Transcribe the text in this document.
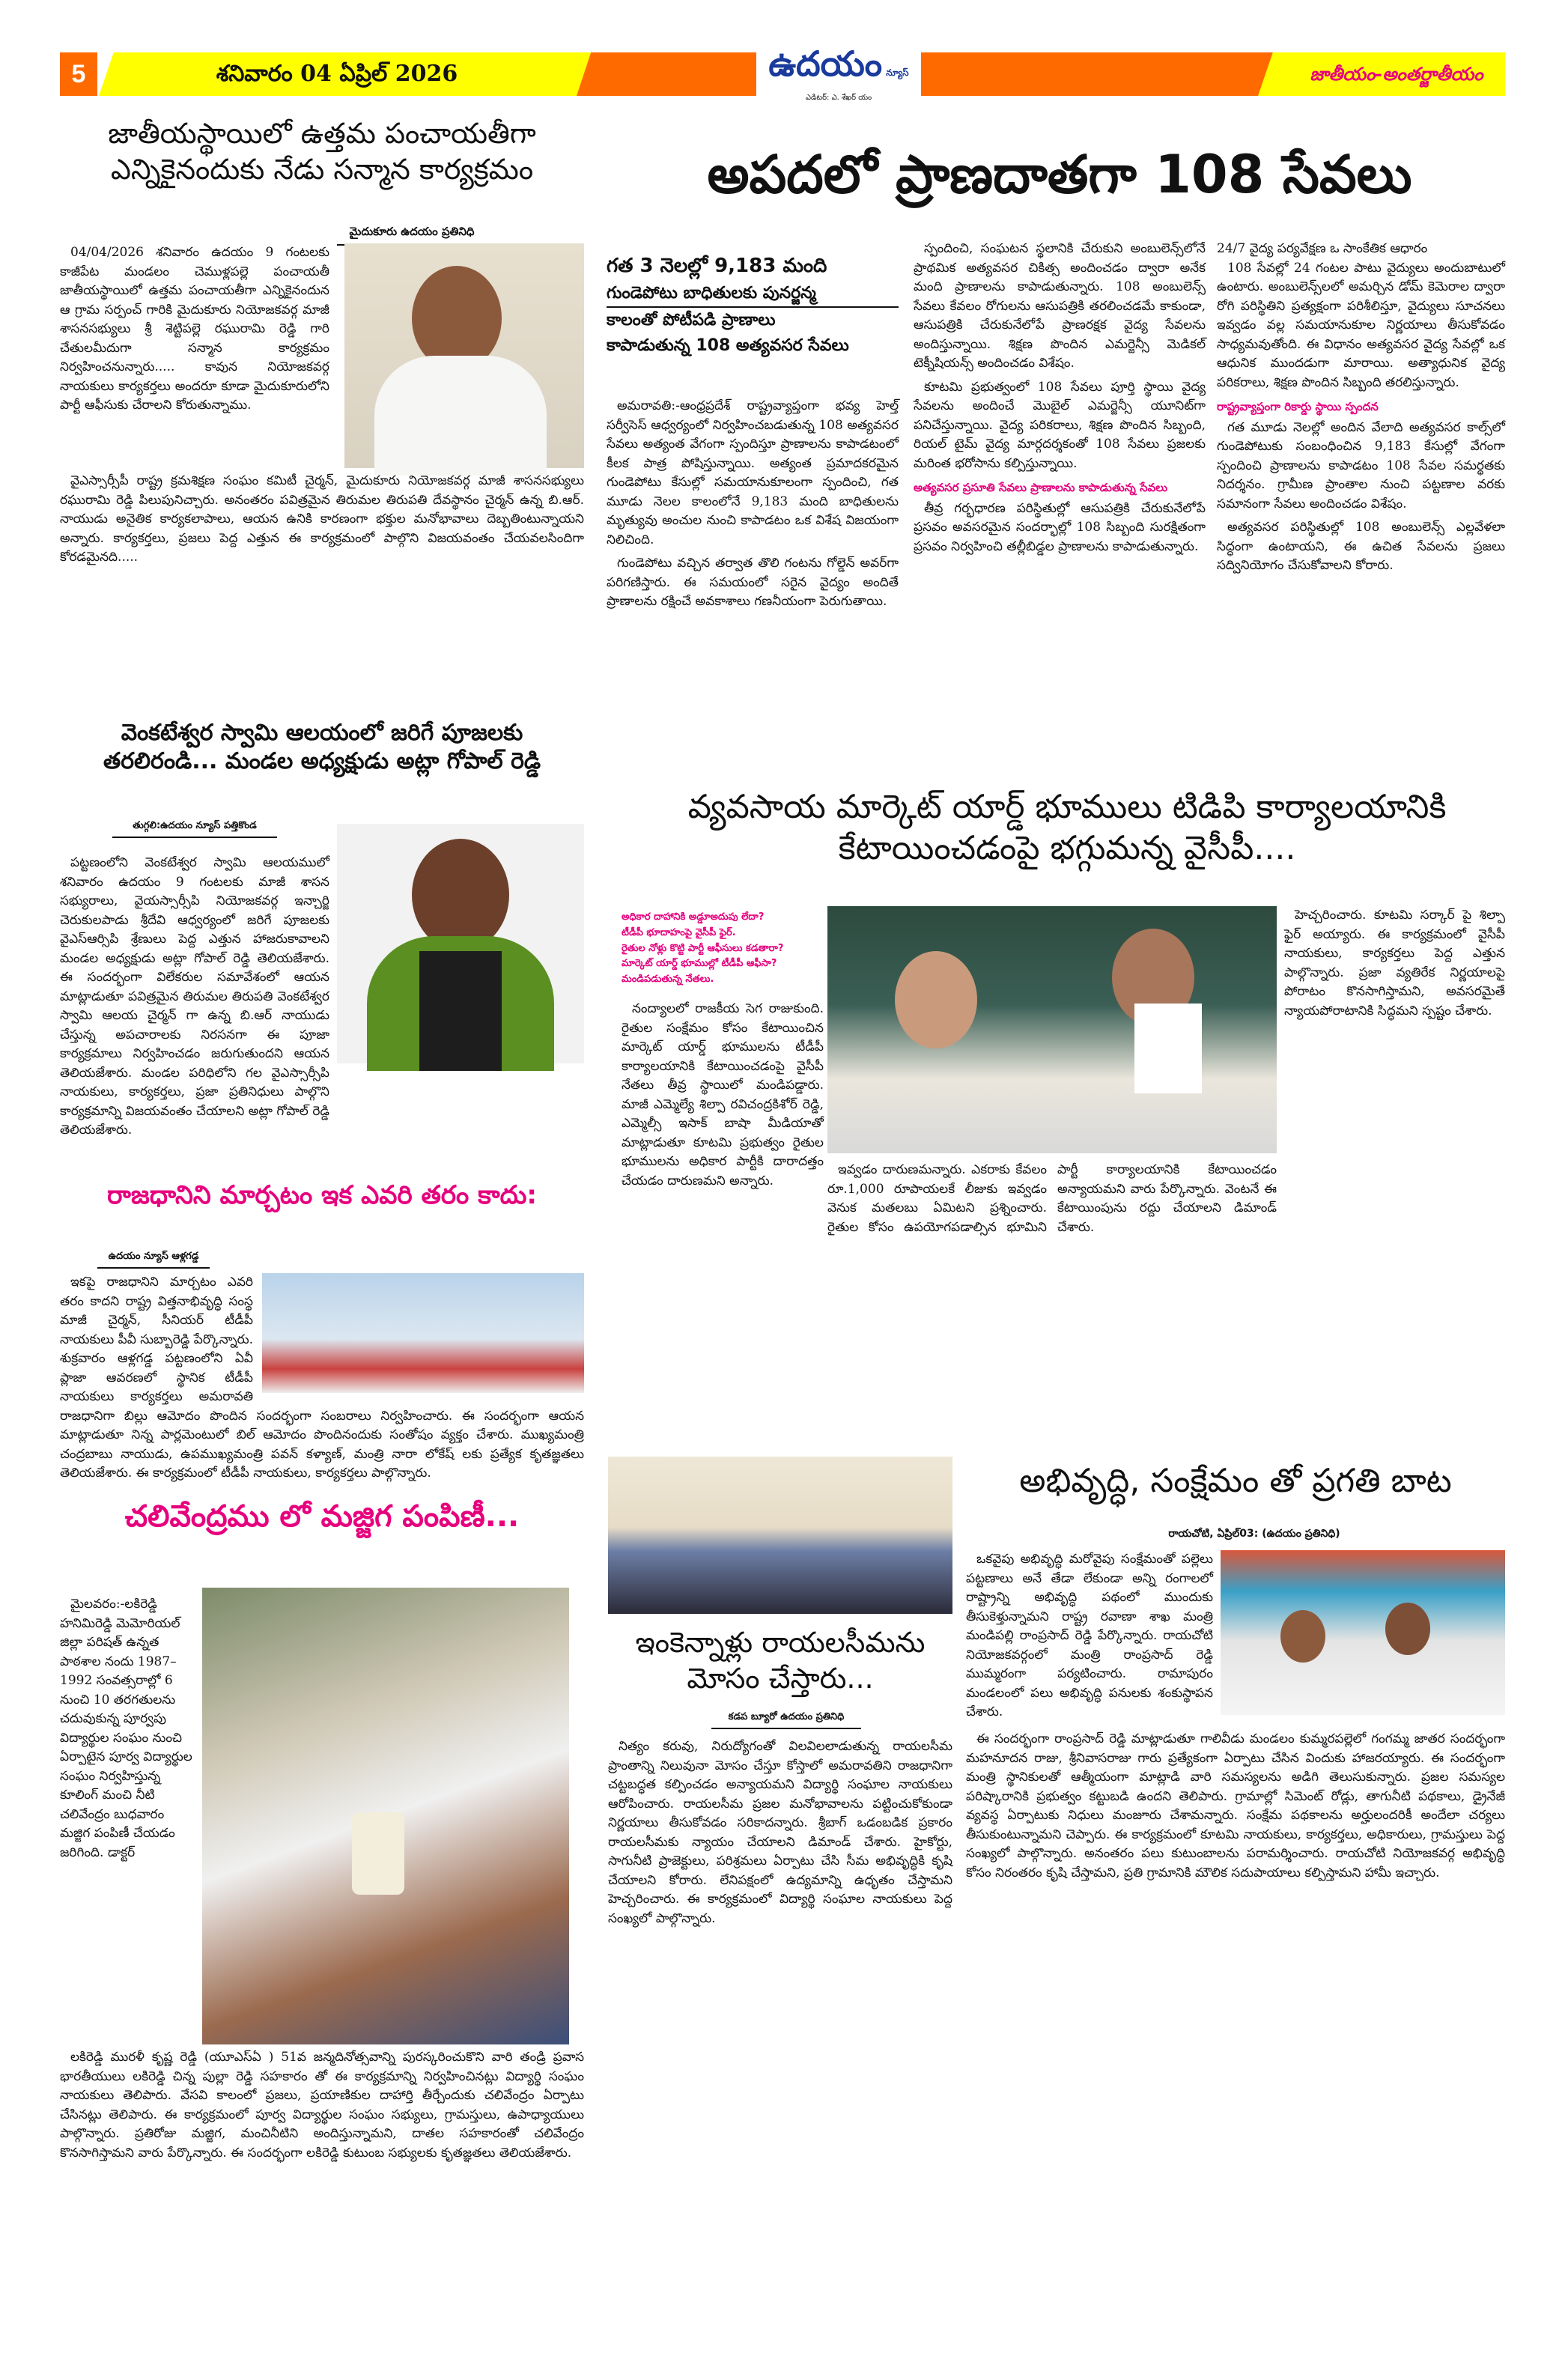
5	శనివారం 04 ఏప్రిల్ 2026	జాతీయం-అంతర్జాతీయం
ఉదయం న్యూస్
ఎడిటర్: ఎ. శేఖర్ యం
జాతీయస్థాయిలో ఉత్తమ పంచాయతీగా ఎన్నికైనందుకు నేడు సన్మాన కార్యక్రమం
మైదుకూరు ఉదయం ప్రతినిధి

04/04/2026 శనివారం ఉదయం 9 గంటలకు కాజీపేట మండలం చెముళ్లపల్లె పంచాయతీ జాతీయస్థాయిలో ఉత్తమ పంచాయతీగా ఎన్నికైనందున ఆ గ్రామ సర్పంచ్ గారికి మైదుకూరు నియోజకవర్గ మాజీ శాసనసభ్యులు శ్రీ శెట్టిపల్లె రఘురామి రెడ్డి గారి చేతులమీదుగా సన్మాన కార్యక్రమం నిర్వహించనున్నారు..... కావున నియోజకవర్గ నాయకులు కార్యకర్తలు అందరూ కూడా మైదుకూరులోని పార్టీ ఆఫీసుకు చేరాలని కోరుతున్నాము.

వైఎస్సార్సీపీ రాష్ట్ర క్రమశిక్షణ సంఘం కమిటీ చైర్మన్, మైదుకూరు నియోజకవర్గ మాజీ శాసనసభ్యులు రఘురామి రెడ్డి పిలుపునిచ్చారు. అనంతరం పవిత్రమైన తిరుమల తిరుపతి దేవస్థానం చైర్మన్ ఉన్న బి.ఆర్. నాయుడు అనైతిక కార్యకలాపాలు, ఆయన ఉనికి కారణంగా భక్తుల మనోభావాలు దెబ్బతింటున్నాయని అన్నారు. కార్యకర్తలు, ప్రజలు పెద్ద ఎత్తున ఈ కార్యక్రమంలో పాల్గొని విజయవంతం చేయవలసిందిగా కోరడమైనది.....

అపదలో ప్రాణదాతగా 108 సేవలు
గత 3 నెలల్లో 9,183 మంది
గుండెపోటు బాధితులకు పునర్జన్మ
కాలంతో పోటీపడి ప్రాణాలు
కాపాడుతున్న 108 అత్యవసర సేవలు

అమరావతి:-ఆంధ్రప్రదేశ్ రాష్ట్రవ్యాప్తంగా భవ్య హెల్త్ సర్వీసెస్ ఆధ్వర్యంలో నిర్వహించబడుతున్న 108 అత్యవసర సేవలు అత్యంత వేగంగా స్పందిస్తూ ప్రాణాలను కాపాడటంలో కీలక పాత్ర పోషిస్తున్నాయి. అత్యంత ప్రమాదకరమైన గుండెపోటు కేసుల్లో సమయానుకూలంగా స్పందించి, గత మూడు నెలల కాలంలోనే 9,183 మంది బాధితులను మృత్యువు అంచుల నుంచి కాపాడటం ఒక విశేష విజయంగా నిలిచింది.

గుండెపోటు వచ్చిన తర్వాత తొలి గంటను గోల్డెన్ అవర్‌గా పరిగణిస్తారు. ఈ సమయంలో సరైన వైద్యం అందితే ప్రాణాలను రక్షించే అవకాశాలు గణనీయంగా పెరుగుతాయి.

స్పందించి, సంఘటన స్థలానికి చేరుకుని అంబులెన్స్‌లోనే ప్రాథమిక అత్యవసర చికిత్స అందించడం ద్వారా అనేక మంది ప్రాణాలను కాపాడుతున్నారు. 108 అంబులెన్స్ సేవలు కేవలం రోగులను ఆసుపత్రికి తరలించడమే కాకుండా, ఆసుపత్రికి చేరుకునేలోపే ప్రాణరక్షక వైద్య సేవలను అందిస్తున్నాయి. శిక్షణ పొందిన ఎమర్జెన్సీ మెడికల్ టెక్నీషియన్స్ అందించడం విశేషం.

కూటమి ప్రభుత్వంలో 108 సేవలు పూర్తి స్థాయి వైద్య సేవలను అందించే మొబైల్ ఎమర్జెన్సీ యూనిట్‌గా పనిచేస్తున్నాయి. వైద్య పరికరాలు, శిక్షణ పొందిన సిబ్బంది, రియల్ టైమ్ వైద్య మార్గదర్శకంతో 108 సేవలు ప్రజలకు మరింత భరోసాను కల్పిస్తున్నాయి.

అత్యవసర ప్రసూతి సేవలు ప్రాణాలను కాపాడుతున్న సేవలు

తీవ్ర గర్భధారణ పరిస్థితుల్లో ఆసుపత్రికి చేరుకునేలోపే ప్రసవం అవసరమైన సందర్భాల్లో 108 సిబ్బంది సురక్షితంగా ప్రసవం నిర్వహించి తల్లీబిడ్డల ప్రాణాలను కాపాడుతున్నారు.

24/7 వైద్య పర్యవేక్షణ ఒ సాంకేతిక ఆధారం

108 సేవల్లో 24 గంటల పాటు వైద్యులు అందుబాటులో ఉంటారు. అంబులెన్స్‌లలో అమర్చిన డోమ్ కెమెరాల ద్వారా రోగి పరిస్థితిని ప్రత్యక్షంగా పరిశీలిస్తూ, వైద్యులు సూచనలు ఇవ్వడం వల్ల సమయానుకూల నిర్ణయాలు తీసుకోవడం సాధ్యమవుతోంది. ఈ విధానం అత్యవసర వైద్య సేవల్లో ఒక ఆధునిక ముందడుగా మారాయి. అత్యాధునిక వైద్య పరికరాలు, శిక్షణ పొందిన సిబ్బంది తరలిస్తున్నారు.

రాష్ట్రవ్యాప్తంగా రికార్డు స్థాయి స్పందన

గత మూడు నెలల్లో అందిన వేలాది అత్యవసర కాల్స్‌లో గుండెపోటుకు సంబంధించిన 9,183 కేసుల్లో వేగంగా స్పందించి ప్రాణాలను కాపాడటం 108 సేవల సమర్థతకు నిదర్శనం. గ్రామీణ ప్రాంతాల నుంచి పట్టణాల వరకు సమానంగా సేవలు అందించడం విశేషం.

అత్యవసర పరిస్థితుల్లో 108 అంబులెన్స్ ఎల్లవేళలా సిద్ధంగా ఉంటాయని, ఈ ఉచిత సేవలను ప్రజలు సద్వినియోగం చేసుకోవాలని కోరారు.

వెంకటేశ్వర స్వామి ఆలయంలో జరిగే పూజలకు తరలిరండి... మండల అధ్యక్షుడు అట్లా గోపాల్ రెడ్డి
తుగ్గలి:ఉదయం న్యూస్ పత్తికొండ

పట్టణంలోని వెంకటేశ్వర స్వామి ఆలయములో శనివారం ఉదయం 9 గంటలకు మాజీ శాసన సభ్యురాలు, వైయస్సార్సీపి నియోజకవర్గ ఇన్చార్జి చెరుకులపాడు శ్రీదేవి ఆధ్వర్యంలో జరిగే పూజలకు వైఎస్ఆర్సిపి శ్రేణులు పెద్ద ఎత్తున హాజరుకావాలని మండల అధ్యక్షుడు అట్లా గోపాల్ రెడ్డి తెలియజేశారు. ఈ సందర్భంగా విలేకరుల సమావేశంలో ఆయన మాట్లాడుతూ పవిత్రమైన తిరుమల తిరుపతి వెంకటేశ్వర స్వామి ఆలయ చైర్మన్ గా ఉన్న బి.ఆర్ నాయుడు చేస్తున్న అపచారాలకు నిరసనగా ఈ పూజా కార్యక్రమాలు నిర్వహించడం జరుగుతుందని ఆయన తెలియజేశారు. మండల పరిధిలోని గల వైఎస్సార్సీపి నాయకులు, కార్యకర్తలు, ప్రజా ప్రతినిధులు పాల్గొని కార్యక్రమాన్ని విజయవంతం చేయాలని అట్లా గోపాల్ రెడ్డి తెలియజేశారు.

రాజధానిని మార్చటం ఇక ఎవరి తరం కాదు:
ఉదయం న్యూస్ ఆళ్లగడ్డ

ఇకపై రాజధానిని మార్చటం ఎవరి తరం కాదని రాష్ట్ర విత్తనాభివృద్ధి సంస్థ మాజీ చైర్మన్, సీనియర్ టీడీపీ నాయకులు పీవీ సుబ్బారెడ్డి పేర్కొన్నారు. శుక్రవారం ఆళ్లగడ్డ పట్టణంలోని ఏవీ ప్లాజా ఆవరణలో స్థానిక టీడీపీ నాయకులు కార్యకర్తలు అమరావతి రాజధానిగా బిల్లు ఆమోదం పొందిన సందర్భంగా సంబరాలు నిర్వహించారు. ఈ సందర్భంగా ఆయన మాట్లాడుతూ నిన్న పార్లమెంటులో బిల్ ఆమోదం పొందినందుకు సంతోషం వ్యక్తం చేశారు. ముఖ్యమంత్రి చంద్రబాబు నాయుడు, ఉపముఖ్యమంత్రి పవన్ కళ్యాణ్, మంత్రి నారా లోకేష్ లకు ప్రత్యేక కృతజ్ఞతలు తెలియజేశారు. ఈ కార్యక్రమంలో టీడీపీ నాయకులు, కార్యకర్తలు పాల్గొన్నారు.

చలివేంద్రము లో మజ్జిగ పంపిణీ...

మైలవరం:-లకిరెడ్డి హనిమిరెడ్డి మెమోరియల్ జిల్లా పరిషత్ ఉన్నత పాఠశాల నందు 1987–1992 సంవత్సరాల్లో 6 నుంచి 10 తరగతులను చదువుకున్న పూర్వపు విద్యార్థుల సంఘం నుంచి ఏర్పాటైన పూర్వ విద్యార్థుల సంఘం నిర్వహిస్తున్న కూలింగ్ మంచి నీటి చలివేంద్రం బుధవారం మజ్జిగ పంపిణీ చేయడం జరిగింది. డాక్టర్

లకిరెడ్డి మురళీ కృష్ణ రెడ్డి (యూఎస్ఏ ) 51వ జన్మదినోత్సవాన్ని పురస్కరించుకొని వారి తండ్రి ప్రవాస భారతీయులు లకిరెడ్డి చిన్న పుల్లా రెడ్డి సహకారం తో ఈ కార్యక్రమాన్ని నిర్వహించినట్లు విద్యార్థి సంఘం నాయకులు తెలిపారు. వేసవి కాలంలో ప్రజలు, ప్రయాణికుల దాహార్తి తీర్చేందుకు చలివేంద్రం ఏర్పాటు చేసినట్లు తెలిపారు. ఈ కార్యక్రమంలో పూర్వ విద్యార్థుల సంఘం సభ్యులు, గ్రామస్తులు, ఉపాధ్యాయులు పాల్గొన్నారు. ప్రతిరోజు మజ్జిగ, మంచినీటిని అందిస్తున్నామని, దాతల సహకారంతో చలివేంద్రం కొనసాగిస్తామని వారు పేర్కొన్నారు. ఈ సందర్భంగా లకిరెడ్డి కుటుంబ సభ్యులకు కృతజ్ఞతలు తెలియజేశారు.

వ్యవసాయ మార్కెట్ యార్డ్ భూములు టిడిపి కార్యాలయానికి కేటాయించడంపై భగ్గుమన్న వైసీపీ....
అధికార దాహానికి అడ్డూఅదుపు లేదా?
టీడీపీ భూదాహంపై వైసీపీ ఫైర్.
రైతుల నోళ్లు కొట్టి పార్టీ ఆఫీసులు కడతారా?
మార్కెట్ యార్డ్ భూముల్లో టీడీపీ ఆఫీసా?
మండిపడుతున్న నేతలు.

నంద్యాలలో రాజకీయ సెగ రాజుకుంది. రైతుల సంక్షేమం కోసం కేటాయించిన మార్కెట్ యార్డ్ భూములను టీడీపీ కార్యాలయానికి కేటాయించడంపై వైసీపీ నేతలు తీవ్ర స్థాయిలో మండిపడ్డారు. మాజీ ఎమ్మెల్యే శిల్పా రవిచంద్రకిశోర్ రెడ్డి, ఎమ్మెల్సీ ఇసాక్ బాషా మీడియాతో మాట్లాడుతూ కూటమి ప్రభుత్వం రైతుల భూములను అధికార పార్టీకి దారాదత్తం చేయడం దారుణమని అన్నారు.

ఇవ్వడం దారుణమన్నారు. ఎకరాకు కేవలం రూ.1,000 రూపాయలకే లీజుకు ఇవ్వడం వెనుక మతలబు ఏమిటని ప్రశ్నించారు. రైతుల కోసం ఉపయోగపడాల్సిన భూమిని పార్టీ కార్యాలయానికి కేటాయించడం అన్యాయమని వారు పేర్కొన్నారు. వెంటనే ఈ కేటాయింపును రద్దు చేయాలని డిమాండ్ చేశారు.

హెచ్చరించారు. కూటమి సర్కార్ పై శిల్పా ఫైర్ అయ్యారు. ఈ కార్యక్రమంలో వైసీపీ నాయకులు, కార్యకర్తలు పెద్ద ఎత్తున పాల్గొన్నారు. ప్రజా వ్యతిరేక నిర్ణయాలపై పోరాటం కొనసాగిస్తామని, అవసరమైతే న్యాయపోరాటానికి సిద్ధమని స్పష్టం చేశారు.

ఇంకెన్నాళ్లు రాయలసీమను
మోసం చేస్తారు...
కడప బ్యూరో ఉదయం ప్రతినిధి

నిత్యం కరువు, నిరుద్యోగంతో విలవిలలాడుతున్న రాయలసీమ ప్రాంతాన్ని నిలువునా మోసం చేస్తూ కోస్తాలో అమరావతిని రాజధానిగా చట్టబద్ధత కల్పించడం అన్యాయమని విద్యార్థి సంఘాల నాయకులు ఆరోపించారు. రాయలసీమ ప్రజల మనోభావాలను పట్టించుకోకుండా నిర్ణయాలు తీసుకోవడం సరికాదన్నారు. శ్రీబాగ్ ఒడంబడిక ప్రకారం రాయలసీమకు న్యాయం చేయాలని డిమాండ్ చేశారు. హైకోర్టు, సాగునీటి ప్రాజెక్టులు, పరిశ్రమలు ఏర్పాటు చేసి సీమ అభివృద్ధికి కృషి చేయాలని కోరారు. లేనిపక్షంలో ఉద్యమాన్ని ఉధృతం చేస్తామని హెచ్చరించారు. ఈ కార్యక్రమంలో విద్యార్థి సంఘాల నాయకులు పెద్ద సంఖ్యలో పాల్గొన్నారు.

అభివృద్ధి, సంక్షేమం తో ప్రగతి బాట
రాయచోటి, ఏప్రిల్03: (ఉదయం ప్రతినిధి)

ఒకవైపు అభివృద్ధి మరోవైపు సంక్షేమంతో పల్లెలు పట్టణాలు అనే తేడా లేకుండా అన్ని రంగాలలో రాష్ట్రాన్ని అభివృద్ధి పథంలో ముందుకు తీసుకెళ్తున్నామని రాష్ట్ర రవాణా శాఖ మంత్రి మండిపల్లి రాంప్రసాద్ రెడ్డి పేర్కొన్నారు. రాయచోటి నియోజకవర్గంలో మంత్రి రాంప్రసాద్ రెడ్డి ముమ్మరంగా పర్యటించారు. రామాపురం మండలంలో పలు అభివృద్ధి పనులకు శంకుస్థాపన చేశారు.

ఈ సందర్భంగా రాంప్రసాద్ రెడ్డి మాట్లాడుతూ గాలివీడు మండలం కుమ్మరపల్లెలో గంగమ్మ జాతర సందర్భంగా మహనూదన రాజు, శ్రీనివాసరాజు గారు ప్రత్యేకంగా ఏర్పాటు చేసిన విందుకు హాజరయ్యారు. ఈ సందర్భంగా మంత్రి స్థానికులతో ఆత్మీయంగా మాట్లాడి వారి సమస్యలను అడిగి తెలుసుకున్నారు. ప్రజల సమస్యల పరిష్కారానికి ప్రభుత్వం కట్టుబడి ఉందని తెలిపారు. గ్రామాల్లో సిమెంట్ రోడ్లు, తాగునీటి పథకాలు, డ్రైనేజీ వ్యవస్థ ఏర్పాటుకు నిధులు మంజూరు చేశామన్నారు. సంక్షేమ పథకాలను అర్హులందరికీ అందేలా చర్యలు తీసుకుంటున్నామని చెప్పారు. ఈ కార్యక్రమంలో కూటమి నాయకులు, కార్యకర్తలు, అధికారులు, గ్రామస్తులు పెద్ద సంఖ్యలో పాల్గొన్నారు. అనంతరం పలు కుటుంబాలను పరామర్శించారు. రాయచోటి నియోజకవర్గ అభివృద్ధి కోసం నిరంతరం కృషి చేస్తామని, ప్రతి గ్రామానికి మౌలిక సదుపాయాలు కల్పిస్తామని హామీ ఇచ్చారు.
